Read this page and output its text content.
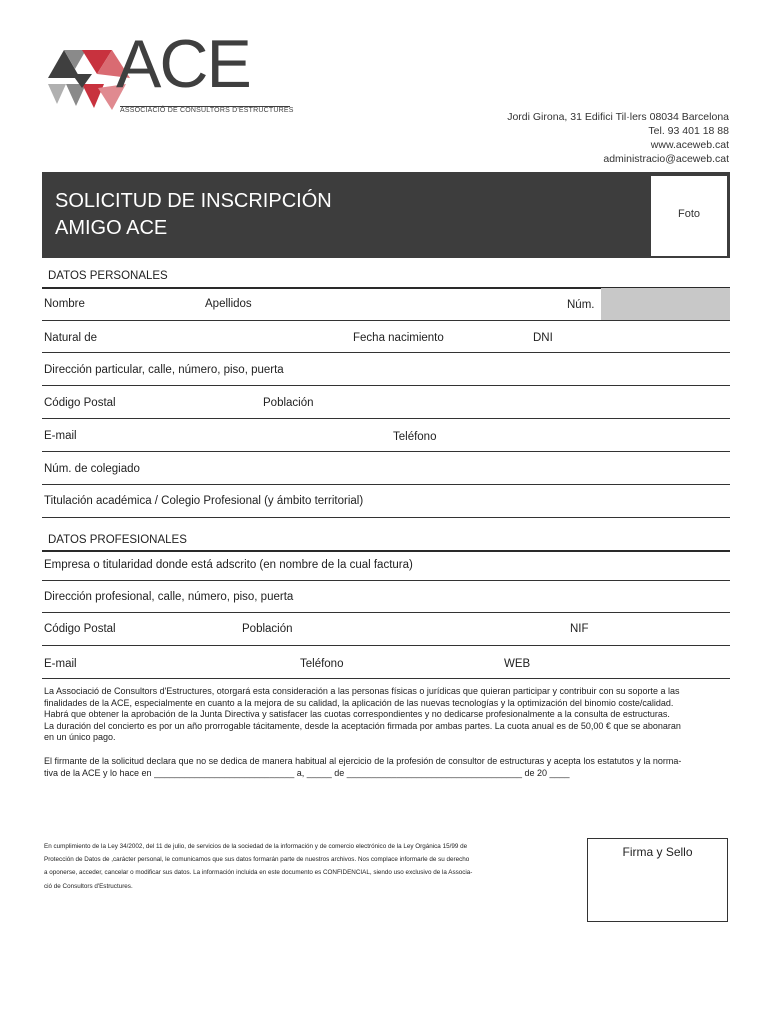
ACE
ASSOCIACIÓ DE CONSULTORS D'ESTRUCTURES
Jordi Girona, 31 Edifici Til·lers 08034 Barcelona
Tel. 93 401 18 88
www.aceweb.cat
administracio@aceweb.cat
SOLICITUD DE INSCRIPCIÓN
AMIGO ACE
Foto
DATOS PERSONALES
Nombre	Apellidos	Núm.
Natural de	Fecha nacimiento	DNI
Dirección particular, calle, número, piso, puerta
Código Postal	Población
E-mail	Teléfono
Núm. de colegiado
Titulación académica / Colegio Profesional (y ámbito territorial)
DATOS PROFESIONALES
Empresa o titularidad donde está adscrito (en nombre de la cual factura)
Dirección profesional, calle, número, piso, puerta
Código Postal	Población	NIF
E-mail	Teléfono	WEB
La Associació de Consultors d'Estructures, otorgará esta consideración a las personas físicas o jurídicas que quieran participar y contribuir con su soporte a las
finalidades de la ACE, especialmente en cuanto a la mejora de su calidad, la aplicación de las nuevas tecnologías y la optimización del binomio coste/calidad.
Habrá que obtener la aprobación de la Junta Directiva y satisfacer las cuotas correspondientes y no dedicarse profesionalmente a la consulta de estructuras.
La duración del concierto es por un año prorrogable tácitamente, desde la aceptación firmada por ambas partes. La cuota anual es de 50,00 € que se abonaran
en un único pago.
El firmante de la solicitud declara que no se dedica de manera habitual al ejercicio de la profesión de consultor de estructuras y acepta los estatutos y la norma-
tiva de la ACE y lo hace en ____________________________ a, _____ de ___________________________________ de 20 ____
En cumplimiento de la Ley 34/2002, del 11 de julio, de servicios de la sociedad de la información y de comercio electrónico de la Ley Orgánica 15/99 de
Protección de Datos de ,carácter personal, le comunicamos que sus datos formarán parte de nuestros archivos. Nos complace informarle de su derecho
a oponerse, acceder, cancelar o modificar sus datos. La información incluida en este documento es CONFIDENCIAL, siendo uso exclusivo de la Associa-
ció de Consultors d'Estructures.
Firma y Sello
